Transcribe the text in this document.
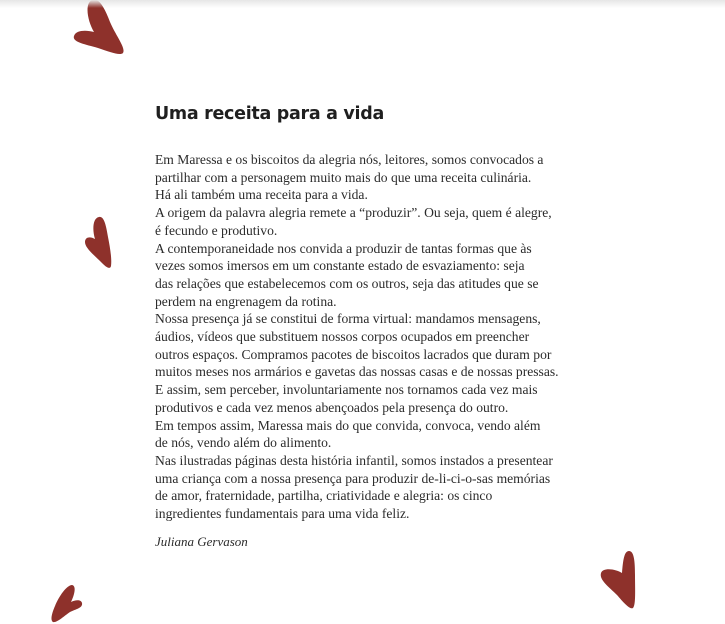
Uma receita para a vida
Em Maressa e os biscoitos da alegria nós, leitores, somos convocados a
partilhar com a personagem muito mais do que uma receita culinária.
Há ali também uma receita para a vida.
A origem da palavra alegria remete a “produzir”. Ou seja, quem é alegre,
é fecundo e produtivo.
A contemporaneidade nos convida a produzir de tantas formas que às
vezes somos imersos em um constante estado de esvaziamento: seja
das relações que estabelecemos com os outros, seja das atitudes que se
perdem na engrenagem da rotina.
Nossa presença já se constitui de forma virtual: mandamos mensagens,
áudios, vídeos que substituem nossos corpos ocupados em preencher
outros espaços. Compramos pacotes de biscoitos lacrados que duram por
muitos meses nos armários e gavetas das nossas casas e de nossas pressas.
E assim, sem perceber, involuntariamente nos tornamos cada vez mais
produtivos e cada vez menos abençoados pela presença do outro.
Em tempos assim, Maressa mais do que convida, convoca, vendo além
de nós, vendo além do alimento.
Nas ilustradas páginas desta história infantil, somos instados a presentear
uma criança com a nossa presença para produzir de-li-ci-o-sas memórias
de amor, fraternidade, partilha, criatividade e alegria: os cinco
ingredientes fundamentais para uma vida feliz.
Juliana Gervason
